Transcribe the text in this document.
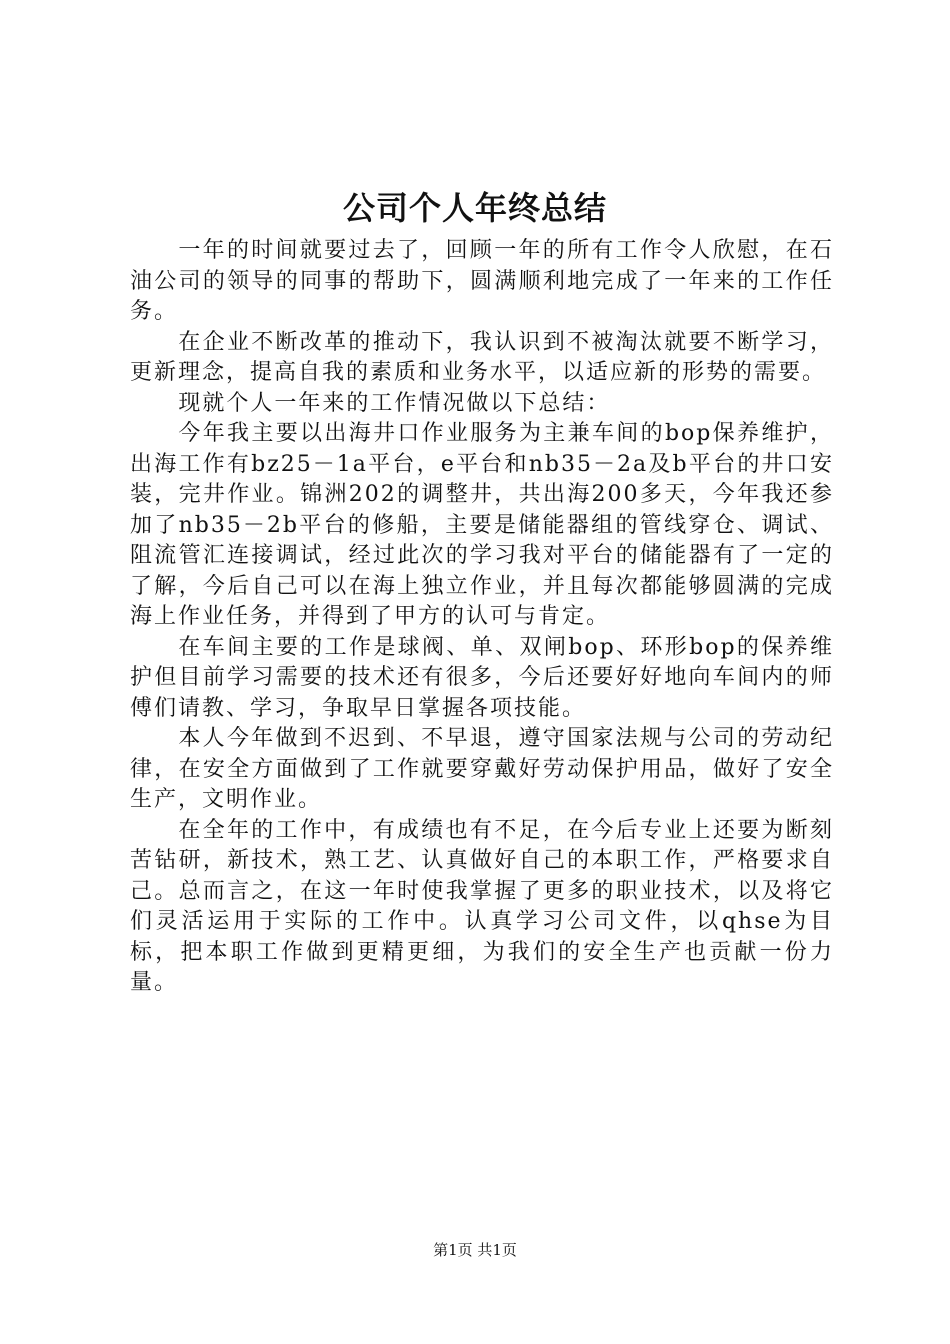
公司个人年终总结

一年的时间就要过去了，回顾一年的所有工作令人欣慰，在石油公司的领导的同事的帮助下，圆满顺利地完成了一年来的工作任务。

在企业不断改革的推动下，我认识到不被淘汰就要不断学习，更新理念，提高自我的素质和业务水平，以适应新的形势的需要。

现就个人一年来的工作情况做以下总结：

今年我主要以出海井口作业服务为主兼车间的bop保养维护，出海工作有bz25－1a平台，e平台和nb35－2a及b平台的井口安装，完井作业。锦洲202的调整井，共出海200多天，今年我还参加了nb35－2b平台的修船，主要是储能器组的管线穿仓、调试、阻流管汇连接调试，经过此次的学习我对平台的储能器有了一定的了解，今后自己可以在海上独立作业，并且每次都能够圆满的完成海上作业任务，并得到了甲方的认可与肯定。

在车间主要的工作是球阀、单、双闸bop、环形bop的保养维护但目前学习需要的技术还有很多，今后还要好好地向车间内的师傅们请教、学习，争取早日掌握各项技能。

本人今年做到不迟到、不早退，遵守国家法规与公司的劳动纪律，在安全方面做到了工作就要穿戴好劳动保护用品，做好了安全生产，文明作业。

在全年的工作中，有成绩也有不足，在今后专业上还要为断刻苦钻研，新技术，熟工艺、认真做好自己的本职工作，严格要求自己。总而言之，在这一年时使我掌握了更多的职业技术，以及将它们灵活运用于实际的工作中。认真学习公司文件，以qhse为目标，把本职工作做到更精更细，为我们的安全生产也贡献一份力量。

第1页 共1页
